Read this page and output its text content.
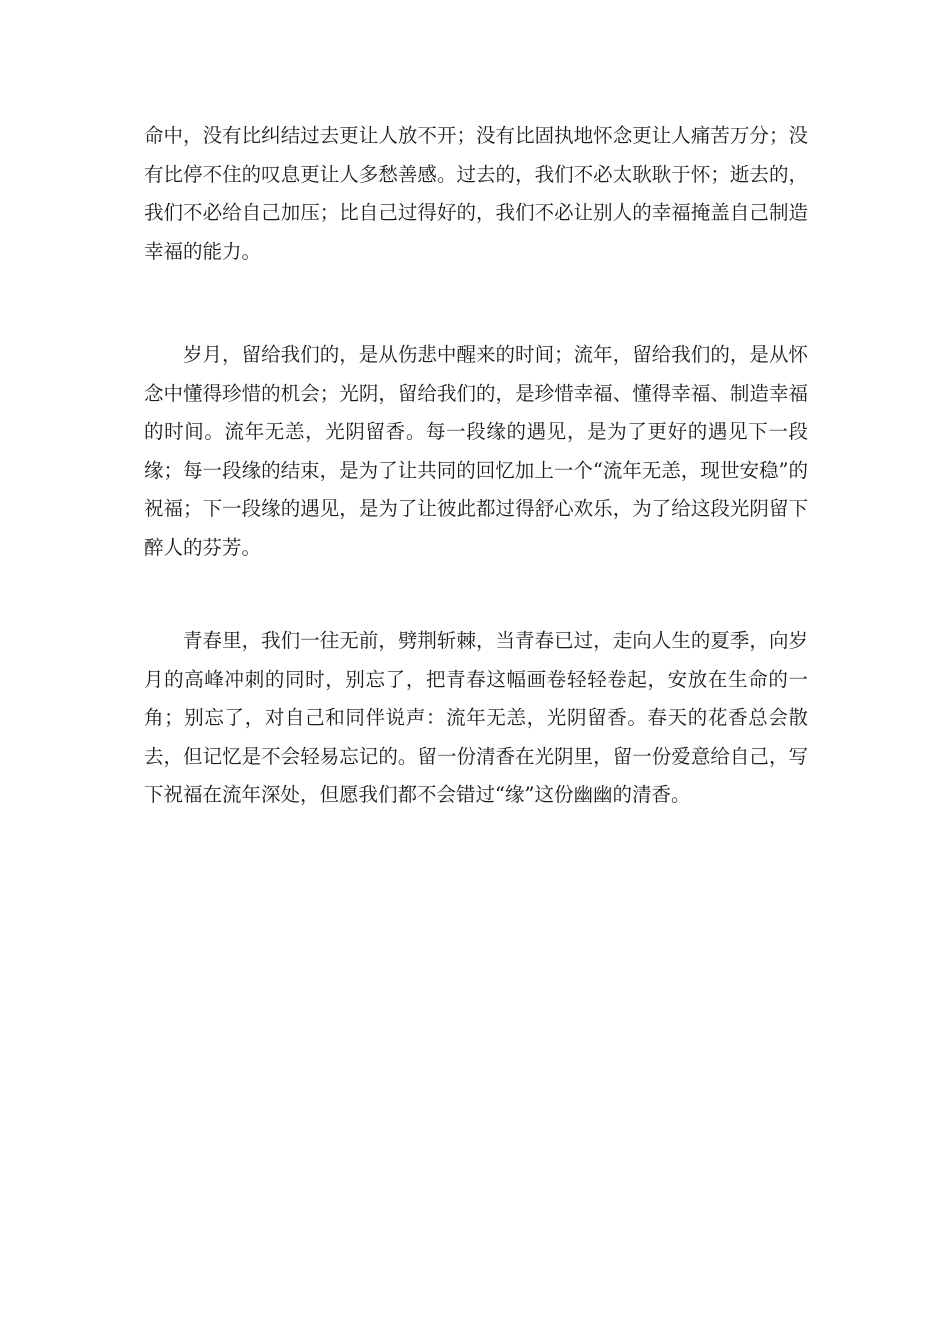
命中，没有比纠结过去更让人放不开；没有比固执地怀念更让人痛苦万分；没有比停不住的叹息更让人多愁善感。过去的，我们不必太耿耿于怀；逝去的，我们不必给自己加压；比自己过得好的，我们不必让别人的幸福掩盖自己制造幸福的能力。

岁月，留给我们的，是从伤悲中醒来的时间；流年，留给我们的，是从怀念中懂得珍惜的机会；光阴，留给我们的，是珍惜幸福、懂得幸福、制造幸福的时间。流年无恙，光阴留香。每一段缘的遇见，是为了更好的遇见下一段缘；每一段缘的结束，是为了让共同的回忆加上一个“流年无恙，现世安稳”的祝福；下一段缘的遇见，是为了让彼此都过得舒心欢乐，为了给这段光阴留下醉人的芬芳。

青春里，我们一往无前，劈荆斩棘，当青春已过，走向人生的夏季，向岁月的高峰冲刺的同时，别忘了，把青春这幅画卷轻轻卷起，安放在生命的一角；别忘了，对自己和同伴说声：流年无恙，光阴留香。春天的花香总会散去，但记忆是不会轻易忘记的。留一份清香在光阴里，留一份爱意给自己，写下祝福在流年深处，但愿我们都不会错过“缘”这份幽幽的清香。
